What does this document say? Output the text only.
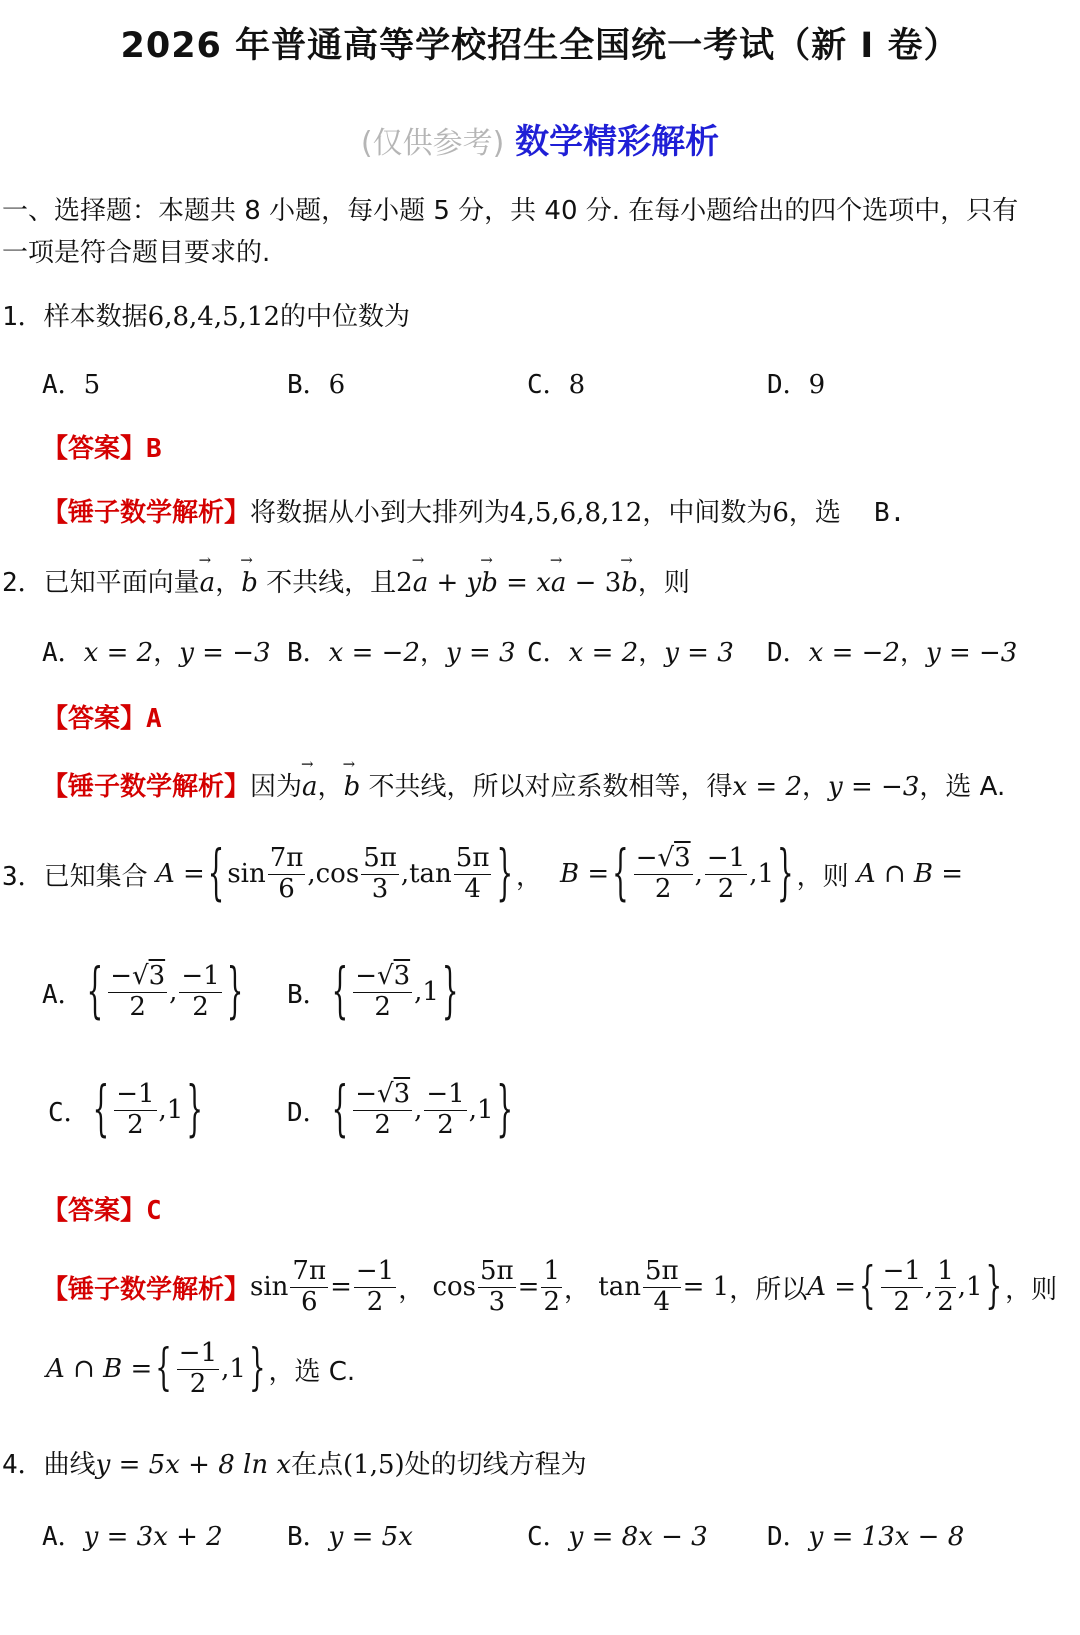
2026 年普通高等学校招生全国统一考试（新 I 卷）
(仅供参考) 数学精彩解析
一、选择题：本题共 8 小题，每小题 5 分，共 40 分. 在每小题给出的四个选项中，只有
一项是符合题目要求的.
1．样本数据6,8,4,5,12的中位数为
A．5	B．6	C．8	D．9
【答案】B
【锤子数学解析】将数据从小到大排列为4,5,6,8,12，中间数为6，选 B.
2．已知平面向量→ a，→ b 不共线，且2→ a + y→ b = x→ a − 3→ b，则
A．x = 2，y = −3 B．x = −2，y = 3 C．x = 2，y = 3 D．x = −2，y = −3
【答案】A
【锤子数学解析】因为→ a，→ b 不共线，所以对应系数相等，得x = 2，y = −3，选 A.
3． 已知集合
A = { $\sin \frac{7\pi}{6}$ , $\cos \frac{5\pi}{3}$ , $\tan \frac{5\pi}{4}$ } ， B = { $\frac{-√3}{2}$ , $\frac{-1}{2}$ , 1 } ，则
A ∩ B =
A． { $\frac{-√3}{2}$ , $\frac{-1}{2}$ } B． { $\frac{-√3}{2}$ , 1 }
C． { $\frac{-1}{2}$ , 1 }	D． { $\frac{-√3}{2}$ , $\frac{-1}{2}$ , 1 }
【答案】C
【锤子数学解析】 $\sin \frac{7\pi}{6} = \frac{-1}{2}$ ， $\cos \frac{5\pi}{3} = \frac{1}{2}$ ， $\tan \frac{5\pi}{4} = 1$ ，所以 A = { $\frac{-1}{2}$ , $\frac{1}{2}$ , 1 } ，则
A ∩ B = { $\frac{-1}{2}$ , 1 } ，选 C.
4．曲线y = 5x + 8 ln x在点(1,5)处的切线方程为
A．y = 3x + 2 B．y = 5x	C．y = 8x − 3 D．y = 13x − 8
